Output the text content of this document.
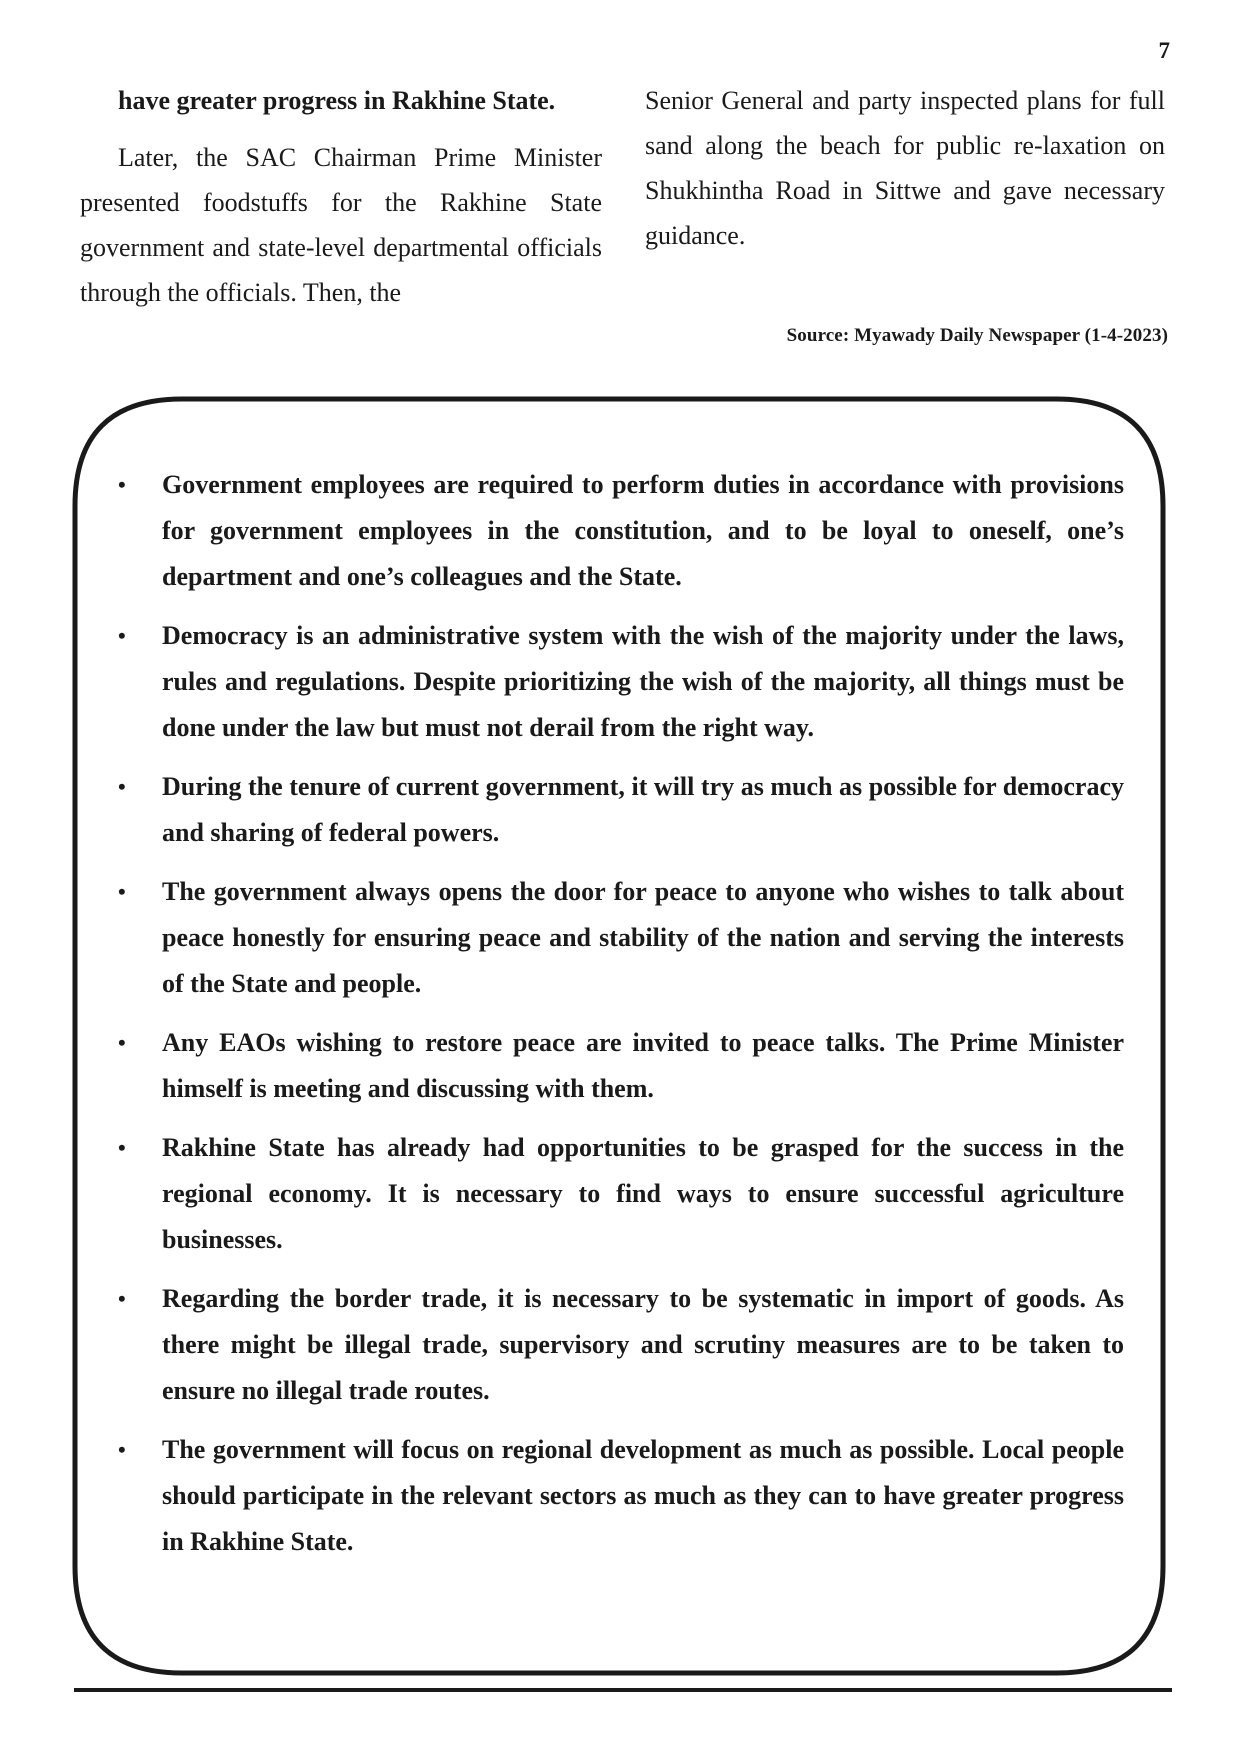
7

have greater progress in Rakhine State.

Later, the SAC Chairman Prime Minister presented foodstuffs for the Rakhine State government and state-level departmental officials through the officials. Then, the

Senior General and party inspected plans for full sand along the beach for public re-laxation on Shukhintha Road in Sittwe and gave necessary guidance.

Source: Myawady Daily Newspaper (1-4-2023)
• Government employees are required to perform duties in accordance with provisions for government employees in the constitution, and to be loyal to oneself, one’s department and one’s colleagues and the State.
• Democracy is an administrative system with the wish of the majority under the laws, rules and regulations. Despite prioritizing the wish of the majority, all things must be done under the law but must not derail from the right way.
• During the tenure of current government, it will try as much as possible for democracy and sharing of federal powers.
• The government always opens the door for peace to anyone who wishes to talk about peace honestly for ensuring peace and stability of the nation and serving the interests of the State and people.
• Any EAOs wishing to restore peace are invited to peace talks. The Prime Minister himself is meeting and discussing with them.
• Rakhine State has already had opportunities to be grasped for the success in the regional economy. It is necessary to find ways to ensure successful agriculture businesses.
• Regarding the border trade, it is necessary to be systematic in import of goods. As there might be illegal trade, supervisory and scrutiny measures are to be taken to ensure no illegal trade routes.
• The government will focus on regional development as much as possible. Local people should participate in the relevant sectors as much as they can to have greater progress in Rakhine State.
